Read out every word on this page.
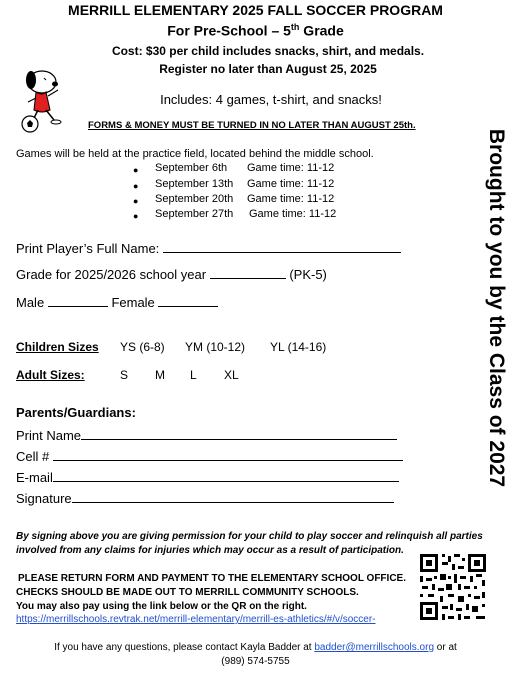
MERRILL ELEMENTARY 2025 FALL SOCCER PROGRAM
For Pre-School – 5th Grade
Cost: $30 per child includes snacks, shirt, and medals.
Register no later than August 25, 2025
Includes: 4 games, t-shirt, and snacks!
FORMS & MONEY MUST BE TURNED IN NO LATER THAN AUGUST 25th.
Games will be held at the practice field, located behind the middle school.
● September 6th Game time: 11-12
● September 13th Game time: 11-12
● September 20th Game time: 11-12
● September 27th Game time: 11-12
Print Player’s Full Name:
Grade for 2025/2026 school year	(PK-5)
Male	Female
Children Sizes YS (6-8) YM (10-12) YL (14-16)
Adult Sizes:	S M L XL
Parents/Guardians:
Print Name
Cell #
E-mail
Signature
Brought to you by the Class of 2027
By signing above you are giving permission for your child to play soccer and relinquish all parties involved from any claims for injuries which may occur as a result of participation.
PLEASE RETURN FORM AND PAYMENT TO THE ELEMENTARY SCHOOL OFFICE.
CHECKS SHOULD BE MADE OUT TO MERRILL COMMUNITY SCHOOLS.
You may also pay using the link below or the QR on the right.
https://merrillschools.revtrak.net/merrill-elementary/merrill-es-athletics/#/v/soccer-
If you have any questions, please contact Kayla Badder at badder@merrillschools.org or at
(989) 574-5755
